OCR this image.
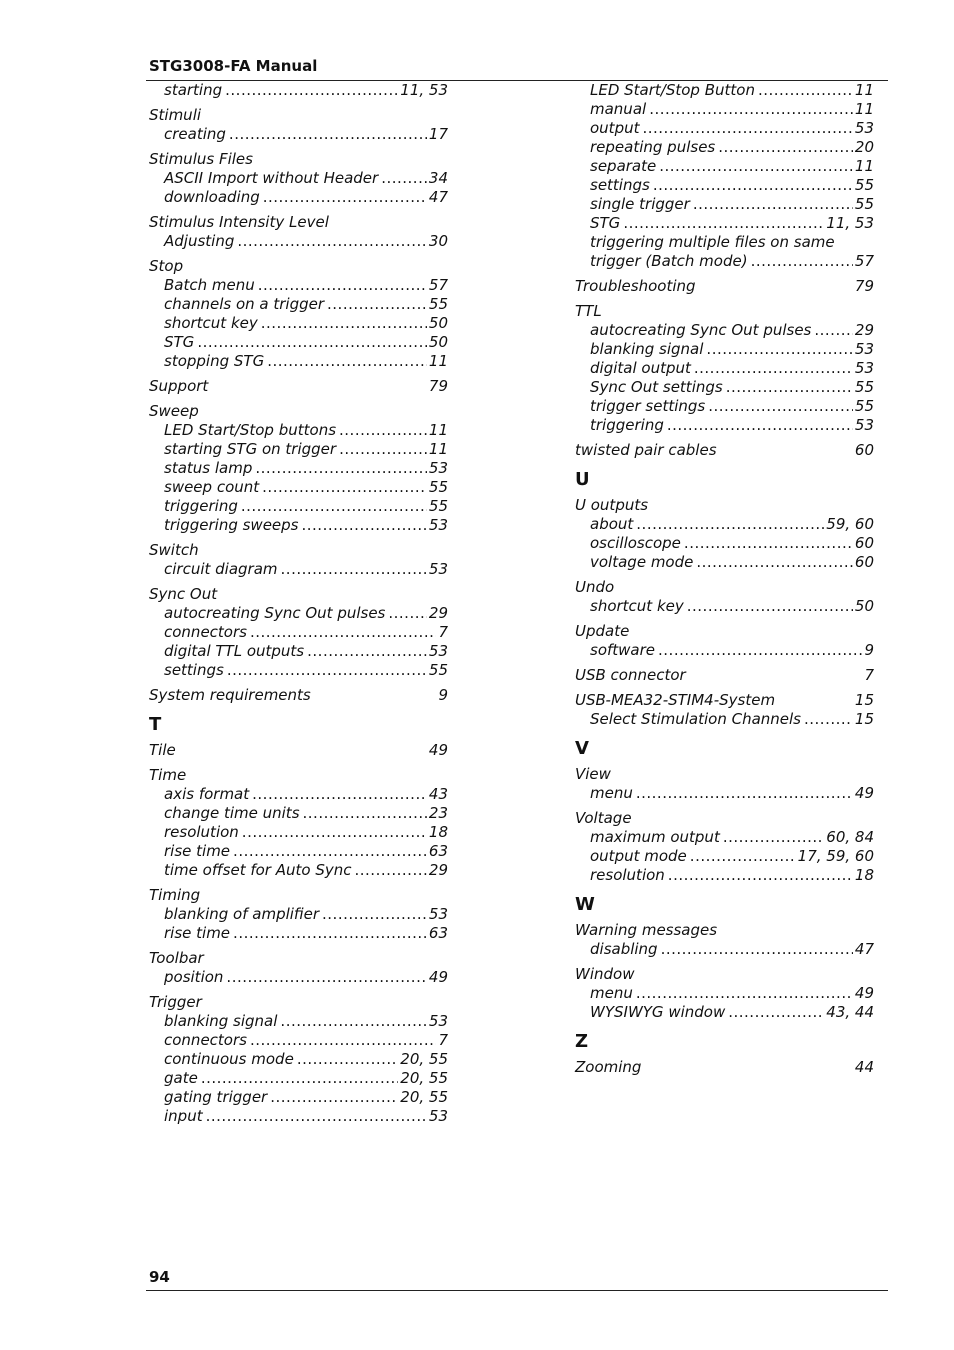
STG3008-FA Manual
starting .....	11, 53
Stimuli
creating .....	17
Stimulus Files
ASCII Import without Header .....	34
downloading .....	47
Stimulus Intensity Level
Adjusting .....	30
Stop
Batch menu .....	57
channels on a trigger .....	55
shortcut key .....	50
STG .....	50
stopping STG .....	11
Support	79
Sweep
LED Start/Stop buttons .....	11
starting STG on trigger .....	11
status lamp .....	53
sweep count .....	55
triggering .....	55
triggering sweeps .....	53
Switch
circuit diagram .....	53
Sync Out
autocreating Sync Out pulses .....	29
connectors .....	7
digital TTL outputs .....	53
settings .....	55
System requirements	9
T
Tile	49
Time
axis format .....	43
change time units .....	23
resolution .....	18
rise time .....	63
time offset for Auto Sync .....	29
Timing
blanking of amplifier .....	53
rise time .....	63
Toolbar
position .....	49
Trigger
blanking signal .....	53
connectors .....	7
continuous mode .....	20, 55
gate .....	20, 55
gating trigger .....	20, 55
input .....	53
LED Start/Stop Button .....	11
manual .....	11
output .....	53
repeating pulses .....	20
separate .....	11
settings .....	55
single trigger .....	55
STG .....	11, 53
triggering multiple files on same
trigger (Batch mode) .....	57
Troubleshooting	79
TTL
autocreating Sync Out pulses .....	29
blanking signal .....	53
digital output .....	53
Sync Out settings .....	55
trigger settings .....	55
triggering .....	53
twisted pair cables	60
U
U outputs
about .....	59, 60
oscilloscope .....	60
voltage mode .....	60
Undo
shortcut key .....	50
Update
software .....	9
USB connector	7
USB-MEA32-STIM4-System	15
Select Stimulation Channels .....	15
V
View
menu .....	49
Voltage
maximum output .....	60, 84
output mode .....	17, 59, 60
resolution .....	18
W
Warning messages
disabling .....	47
Window
menu .....	49
WYSIWYG window .....	43, 44
Z
Zooming	44
94
